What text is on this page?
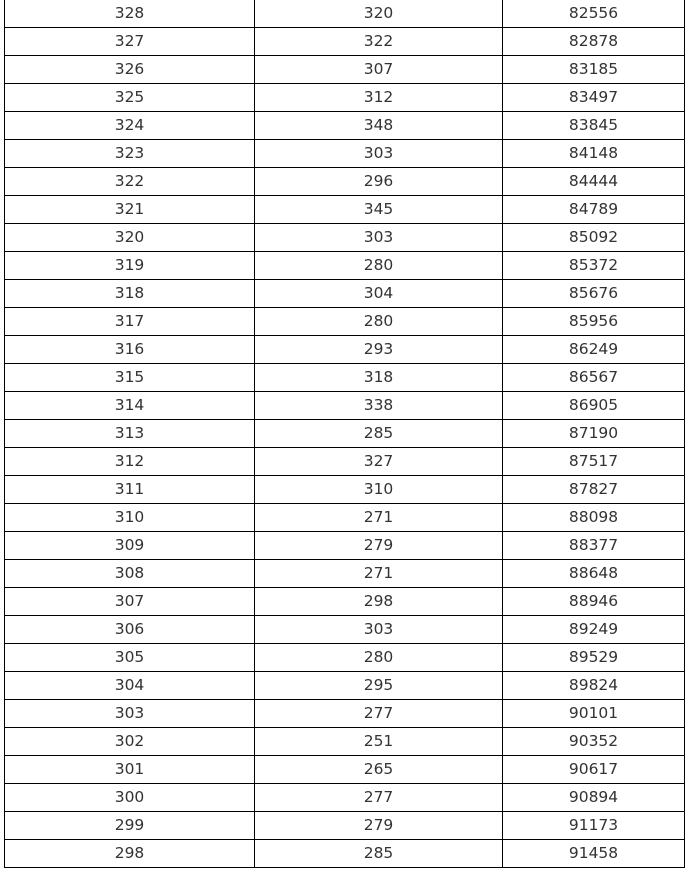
328	320	82556
327	322	82878
326	307	83185
325	312	83497
324	348	83845
323	303	84148
322	296	84444
321	345	84789
320	303	85092
319	280	85372
318	304	85676
317	280	85956
316	293	86249
315	318	86567
314	338	86905
313	285	87190
312	327	87517
311	310	87827
310	271	88098
309	279	88377
308	271	88648
307	298	88946
306	303	89249
305	280	89529
304	295	89824
303	277	90101
302	251	90352
301	265	90617
300	277	90894
299	279	91173
298	285	91458
